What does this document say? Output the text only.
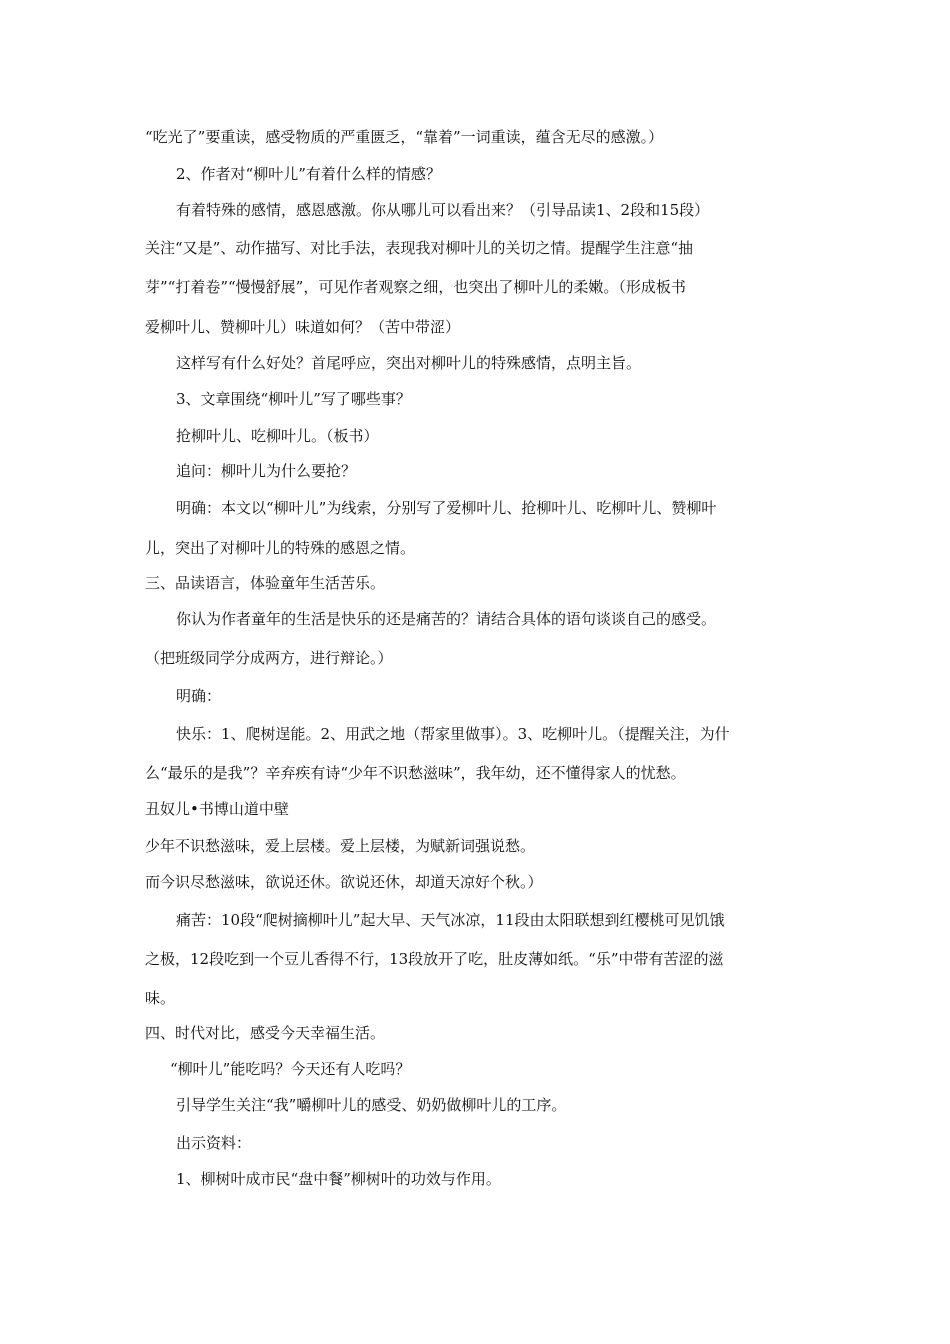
“吃光了”要重读，感受物质的严重匮乏，“靠着”一词重读，蕴含无尽的感激。）
2、作者对“柳叶儿”有着什么样的情感？
有着特殊的感情，感恩感激。你从哪儿可以看出来？（引导品读1、2段和15段）
关注“又是”、动作描写、对比手法，表现我对柳叶儿的关切之情。提醒学生注意“抽
芽”“打着卷”“慢慢舒展”，可见作者观察之细，也突出了柳叶儿的柔嫩。（形成板书
爱柳叶儿、赞柳叶儿）味道如何？（苦中带涩）
这样写有什么好处？首尾呼应，突出对柳叶儿的特殊感情，点明主旨。
3、文章围绕“柳叶儿”写了哪些事？
抢柳叶儿、吃柳叶儿。（板书）
追问：柳叶儿为什么要抢？
明确：本文以“柳叶儿”为线索，分别写了爱柳叶儿、抢柳叶儿、吃柳叶儿、赞柳叶
儿，突出了对柳叶儿的特殊的感恩之情。
三、品读语言，体验童年生活苦乐。
你认为作者童年的生活是快乐的还是痛苦的？请结合具体的语句谈谈自己的感受。
（把班级同学分成两方，进行辩论。）
明确：
快乐：1、爬树逞能。2、用武之地（帮家里做事）。3、吃柳叶儿。（提醒关注，为什
么“最乐的是我”？辛弃疾有诗“少年不识愁滋味”，我年幼，还不懂得家人的忧愁。
丑奴儿•书博山道中壁
少年不识愁滋味，爱上层楼。爱上层楼，为赋新词强说愁。
而今识尽愁滋味，欲说还休。欲说还休，却道天凉好个秋。）
痛苦：10段“爬树摘柳叶儿”起大早、天气冰凉，11段由太阳联想到红樱桃可见饥饿
之极，12段吃到一个豆儿香得不行，13段放开了吃，肚皮薄如纸。“乐”中带有苦涩的滋
味。
四、时代对比，感受今天幸福生活。
“柳叶儿”能吃吗？今天还有人吃吗？
引导学生关注“我”嚼柳叶儿的感受、奶奶做柳叶儿的工序。
出示资料：
1、柳树叶成市民“盘中餐”柳树叶的功效与作用。
